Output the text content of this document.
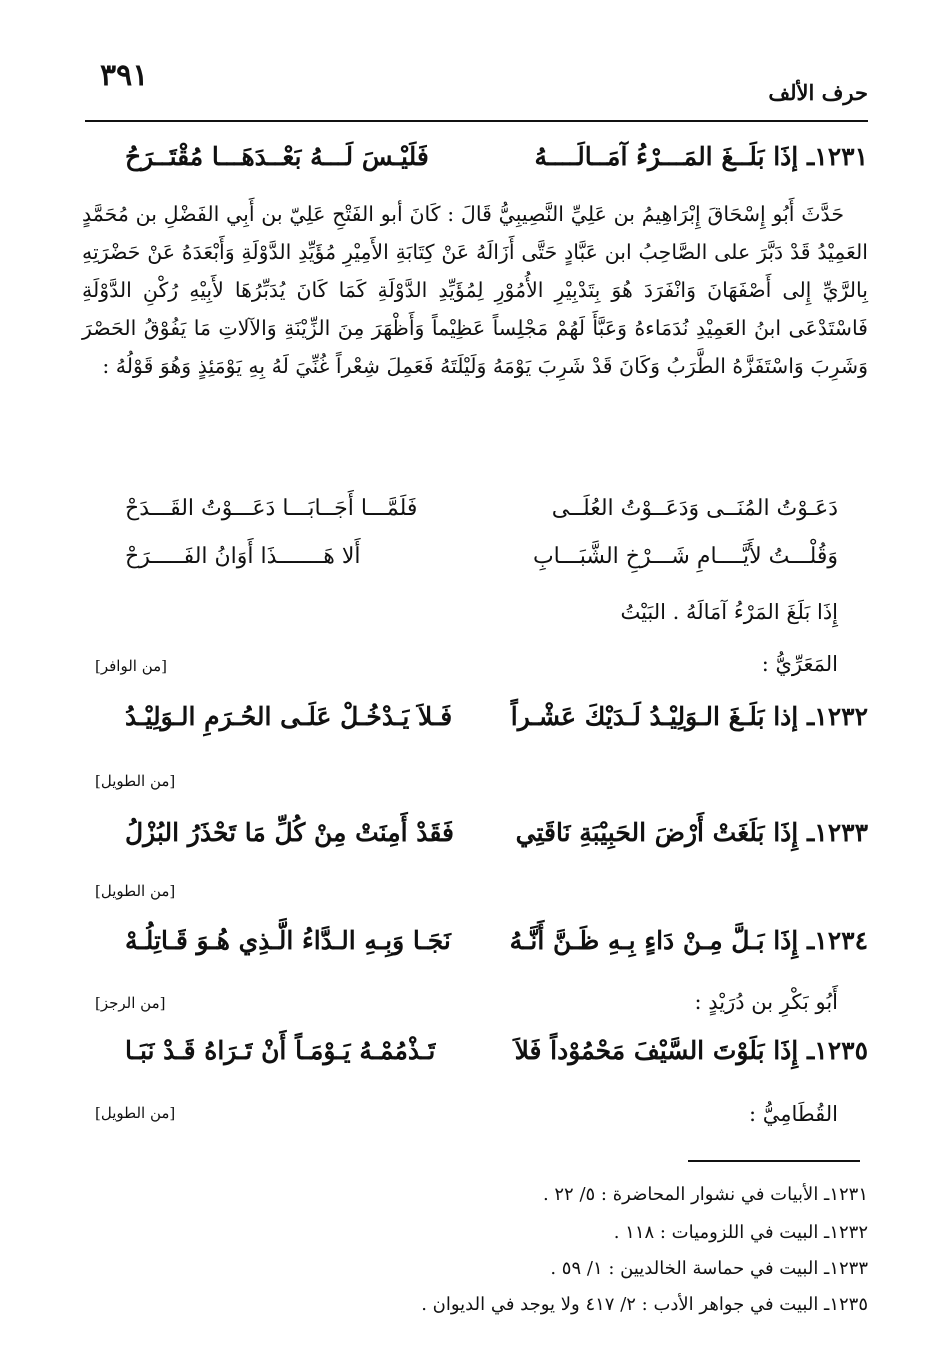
حرف الألف
٣٩١
١٢٣١ـ إذَا بَلَــغَ المَـــرْءُ آمَــالَــــهُ
فَلَيْـسَ لَـــهُ بَعْــدَهَـــا مُقْتَــرَحُ
حَدَّثَ أَبُو إِسْحَاقَ إِبْرَاهِيمُ بن عَلِيِّ النَّصِيبِيُّ قَالَ : كَانَ أبو الفَتْحِ عَلِيّ بن أَبِي الفَضْلِ بن مُحَمَّدٍ العَمِيْدُ قَدْ دَبَّرَ على الصَّاحِبُ ابن عَبَّادٍ حَتَّى أَزَالَهُ عَنْ كِتَابَةِ الأَمِيْرِ مُؤَيِّدِ الدَّوْلَةِ وَأَبْعَدَهُ عَنْ حَضْرَتِهِ بِالرَّيِّ إِلى أَصْفَهَانَ وَانْفَرَدَ هُوَ بِتَدْبِيْرِ الأُمُوْرِ لِمُؤَيِّدِ الدَّوْلَةِ كَمَا كَانَ يُدَبِّرُهَا لأَبِيْهِ رُكْنِ الدَّوْلَةِ فَاسْتَدْعَى ابنُ العَمِيْدِ نُدَمَاءهُ وَعَبَّأَ لَهُمْ مَجْلِساً عَظِيْماً وَأَظْهَرَ مِنَ الزِّيْنَةِ وَالآلاتِ مَا يَفُوْقُ الحَصْرَ وَشَرِبَ وَاسْتَفَزَّهُ الطَّرَبُ وَكَانَ قَدْ شَرِبَ يَوْمَهُ وَلَيْلَتَهُ فَعَمِلَ شِعْراً غُنِّيَ لَهُ بِهِ يَوْمَئِذٍ وَهُوَ قَوْلُهُ :
دَعَـوْتُ المُنَــى وَدَعَــوْتُ العُلَــى
فَلَمَّـــا أَجَــابَـــا دَعَـــوْتُ القَـــدَحْ
وَقُلْـــتُ لأَيَّــــامِ شَـــرْخِ الشَّبَـــابِ
أَلا هَـــــــذَا أَوَانُ الفَـــــرَحْ
إِذَا بَلَغَ المَرْءُ آمَالَهُ . البَيْتُ
المَعَرِّيُّ :
[من الوافر]
١٢٣٢ـ إذا بَلَـغَ الـوَلِيْـدُ لَـدَيْكَ عَشْـراً
فَـلاَ يَـدْخُـلْ عَلَـى الحُـرَمِ الـوَلِيْـدُ
[من الطويل]
١٢٣٣ـ إِذَا بَلَغَتْ أَرْضَ الحَبِيْبَةِ نَاقَتِي
فَقَدْ أَمِنَتْ مِنْ كُلِّ مَا تَحْذَرُ البُزْلُ
[من الطويل]
١٢٣٤ـ إِذَا بَـلَّ مِـنْ دَاءٍ بِـهِ ظَـنَّ أَنَّـهُ
نَجَـا وَبِـهِ الـدَّاءُ الَّـذِي هُـوَ قَـاتِلُـهْ
أَبُو بَكْرِ بن دُرَيْدٍ :
[من الرجز]
١٢٣٥ـ إِذَا بَلَوْتَ السَّيْفَ مَحْمُوْداً فَلاَ
تَـذْمُمْـهُ يَـوْمَـاً أَنْ تَـرَاهُ قَـدْ نَبَـا
القُطَامِيُّ :
[من الطويل]
١٢٣١ـ الأبيات في نشوار المحاضرة : ٥/ ٢٢ .
١٢٣٢ـ البيت في اللزوميات : ١١٨ .
١٢٣٣ـ البيت في حماسة الخالديين : ١/ ٥٩ .
١٢٣٥ـ البيت في جواهر الأدب : ٢/ ٤١٧ ولا يوجد في الديوان .
